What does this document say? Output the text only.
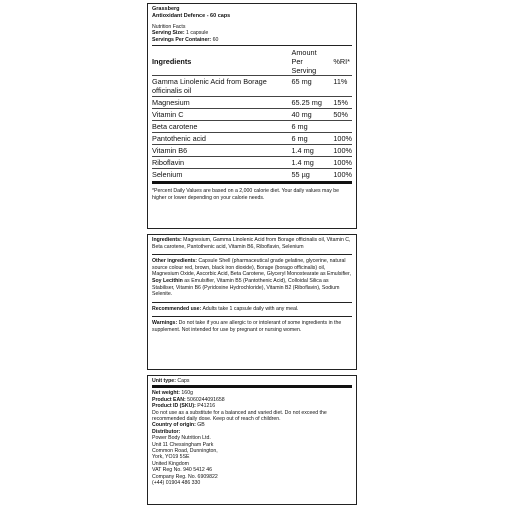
Grassberg
Antioxidant Defence - 60 caps
Nutrition Facts
Serving Size: 1 capsule
Servings Per Container: 60
Ingredients	Amount Per Serving	%RI*
Gamma Linolenic Acid from Borage officinalis oil	65 mg	11%
Magnesium	65.25 mg	15%
Vitamin C	40 mg	50%
Beta carotene	6 mg	
Pantothenic acid	6 mg	100%
Vitamin B6	1.4 mg	100%
Riboflavin	1.4 mg	100%
Selenium	55 µg	100%
*Percent Daily Values are based on a 2,000 calorie diet. Your daily values may be higher or lower depending on your calorie needs.
Ingredients: Magnesium, Gamma Linolenic Acid from Borage officinalis oil, Vitamin C, Beta carotene, Pantothenic acid, Vitamin B6, Riboflavin, Selenium
Other ingredients: Capsule Shell (pharmaceutical grade gelatine, glycerine, natural source colour red, brown, black iron dioxide), Borage (borago officinalis) oil, Magnesium Oxide, Ascorbic Acid, Beta Carotene, Glyceryl Monostearate as Emulsifier, Soy Lecithin as Emulsifier, Vitamin B5 (Pantothenic Acid), Colloidal Silica as Stabiliser, Vitamin B6 (Pyridoxine Hydrochloride), Vitamin B2 (Riboflavin), Sodium Selenite.
Recommended use: Adults take 1 capsule daily with any meal.
Warnings: Do not take if you are allergic to or intolerant of some ingredients in the supplement. Not intended for use by pregnant or nursing women.
Unit type: Caps
Net weight: 160g
Product EAN: 5060244091658
Product ID (SKU): P41216
Do not use as a substitute for a balanced and varied diet. Do not exceed the recommended daily dose. Keep out of reach of children.
Country of origin: GB
Distributor:
Power Body Nutrition Ltd.
Unit 11 Chessingham Park
Common Road, Dunnington,
York, YO19 5SE
United Kingdom
VAT Reg No. 940 5412 46
Company Reg. No. 6909822
(+44) 01904 486 330
